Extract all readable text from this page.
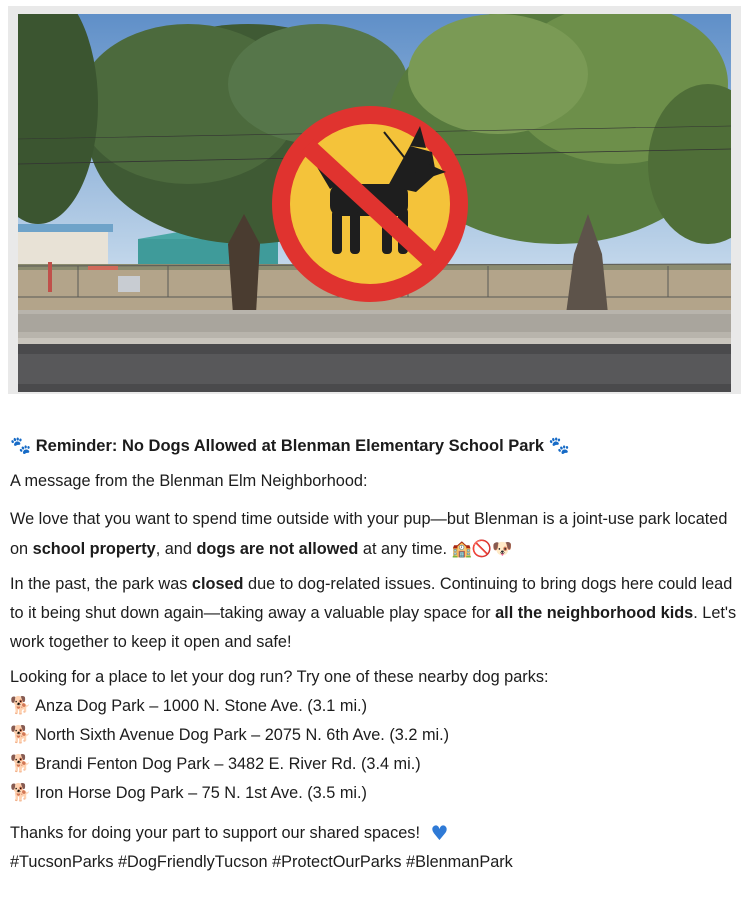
🐾 Reminder: No Dogs Allowed at Blenman Elementary School Park 🐾

A message from the Blenman Elm Neighborhood:

We love that you want to spend time outside with your pup—but Blenman is a joint-use park located on school property, and dogs are not allowed at any time. 🏫🚫🐶

In the past, the park was closed due to dog-related issues. Continuing to bring dogs here could lead to it being shut down again—taking away a valuable play space for all the neighborhood kids. Let's work together to keep it open and safe!

Looking for a place to let your dog run? Try one of these nearby dog parks:

🐕 Anza Dog Park – 1000 N. Stone Ave. (3.1 mi.)

🐕 North Sixth Avenue Dog Park – 2075 N. 6th Ave. (3.2 mi.)

🐕 Brandi Fenton Dog Park – 3482 E. River Rd. (3.4 mi.)

🐕 Iron Horse Dog Park – 75 N. 1st Ave. (3.5 mi.)

Thanks for doing your part to support our shared spaces! ♥

#TucsonParks #DogFriendlyTucson #ProtectOurParks #BlenmanPark
